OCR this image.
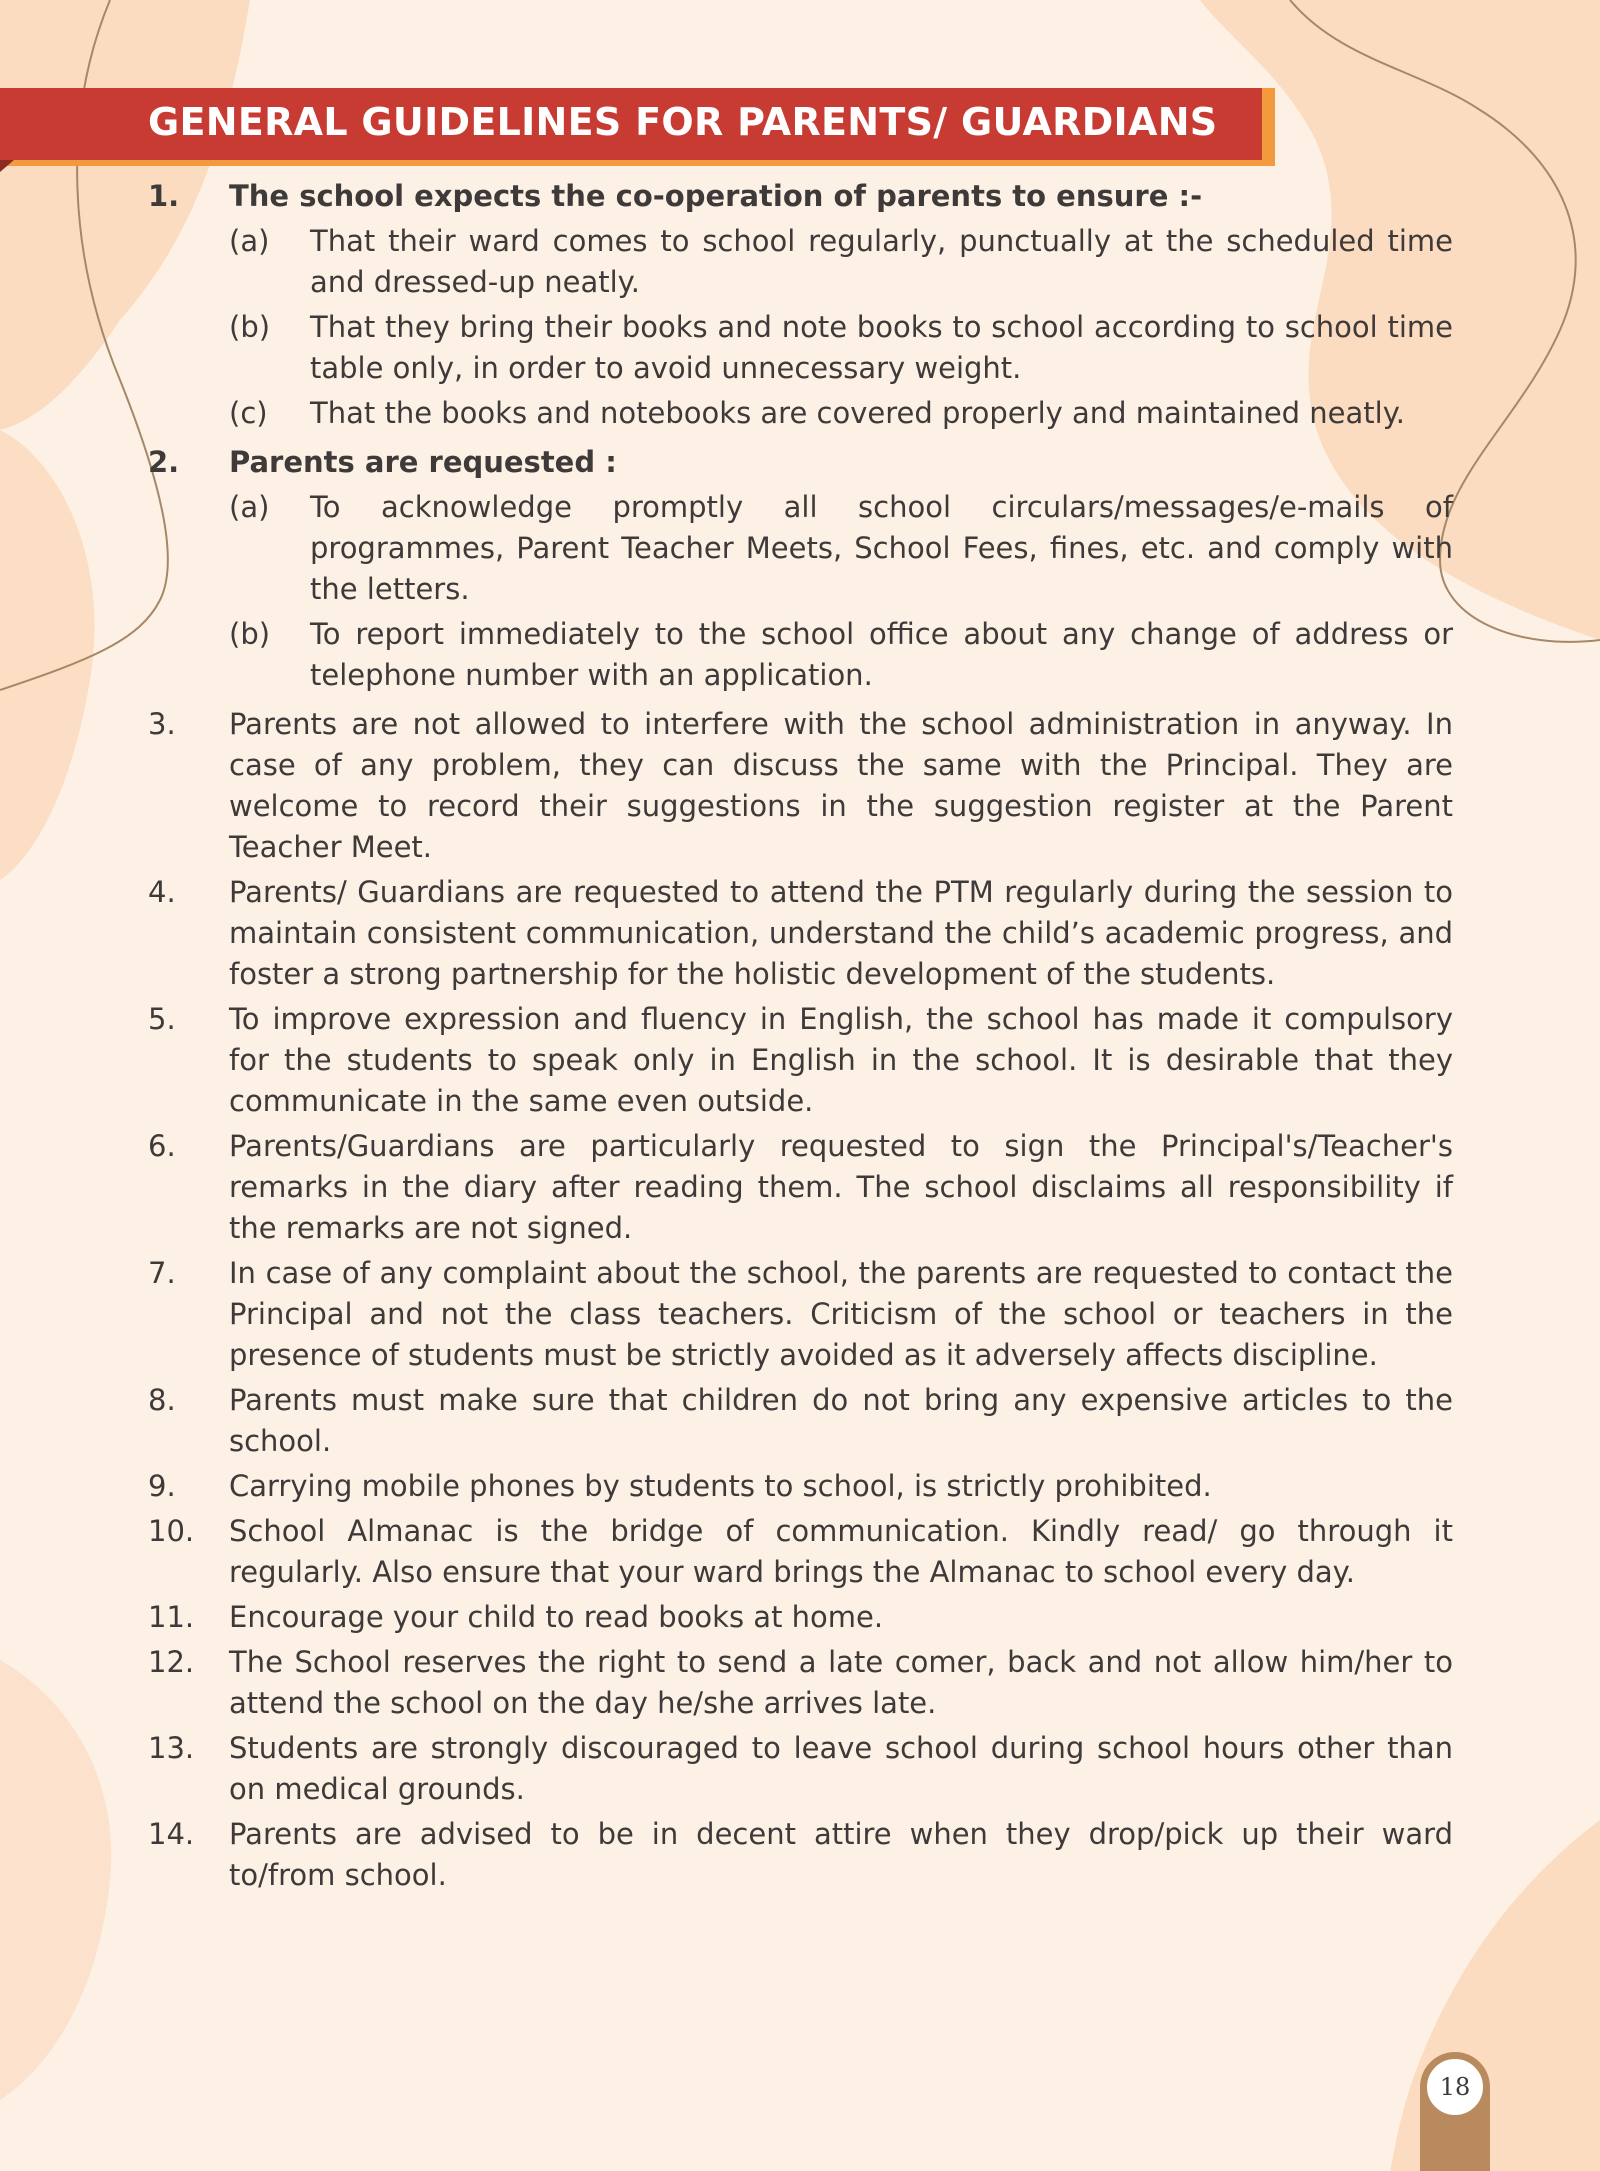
GENERAL GUIDELINES FOR PARENTS/ GUARDIANS
1.	The school expects the co-operation of parents to ensure :-
(a)	That their ward comes to school regularly, punctually at the scheduled time and dressed-up neatly.
(b)	That they bring their books and note books to school according to school time table only, in order to avoid unnecessary weight.
(c)	That the books and notebooks are covered properly and maintained neatly.
2.	Parents are requested :
(a)	To acknowledge promptly all school circulars/messages/e-mails of programmes, Parent Teacher Meets, School Fees, fines, etc. and comply with the letters.
(b)	To report immediately to the school office about any change of address or telephone number with an application.
3.	Parents are not allowed to interfere with the school administration in anyway. In case of any problem, they can discuss the same with the Principal. They are welcome to record their suggestions in the suggestion register at the Parent Teacher Meet.
4.	Parents/ Guardians are requested to attend the PTM regularly during the session to maintain consistent communication, understand the child’s academic progress, and foster a strong partnership for the holistic development of the students.
5.	To improve expression and fluency in English, the school has made it compulsory for the students to speak only in English in the school. It is desirable that they communicate in the same even outside.
6.	Parents/Guardians are particularly requested to sign the Principal's/Teacher's remarks in the diary after reading them. The school disclaims all responsibility if the remarks are not signed.
7.	In case of any complaint about the school, the parents are requested to contact the Principal and not the class teachers. Criticism of the school or teachers in the presence of students must be strictly avoided as it adversely affects discipline.
8.	Parents must make sure that children do not bring any expensive articles to the school.
9.	Carrying mobile phones by students to school, is strictly prohibited.
10.	School Almanac is the bridge of communication. Kindly read/ go through it regularly. Also ensure that your ward brings the Almanac to school every day.
11.	Encourage your child to read books at home.
12.	The School reserves the right to send a late comer, back and not allow him/her to attend the school on the day he/she arrives late.
13.	Students are strongly discouraged to leave school during school hours other than on medical grounds.
14.	Parents are advised to be in decent attire when they drop/pick up their ward to/from school.
18
